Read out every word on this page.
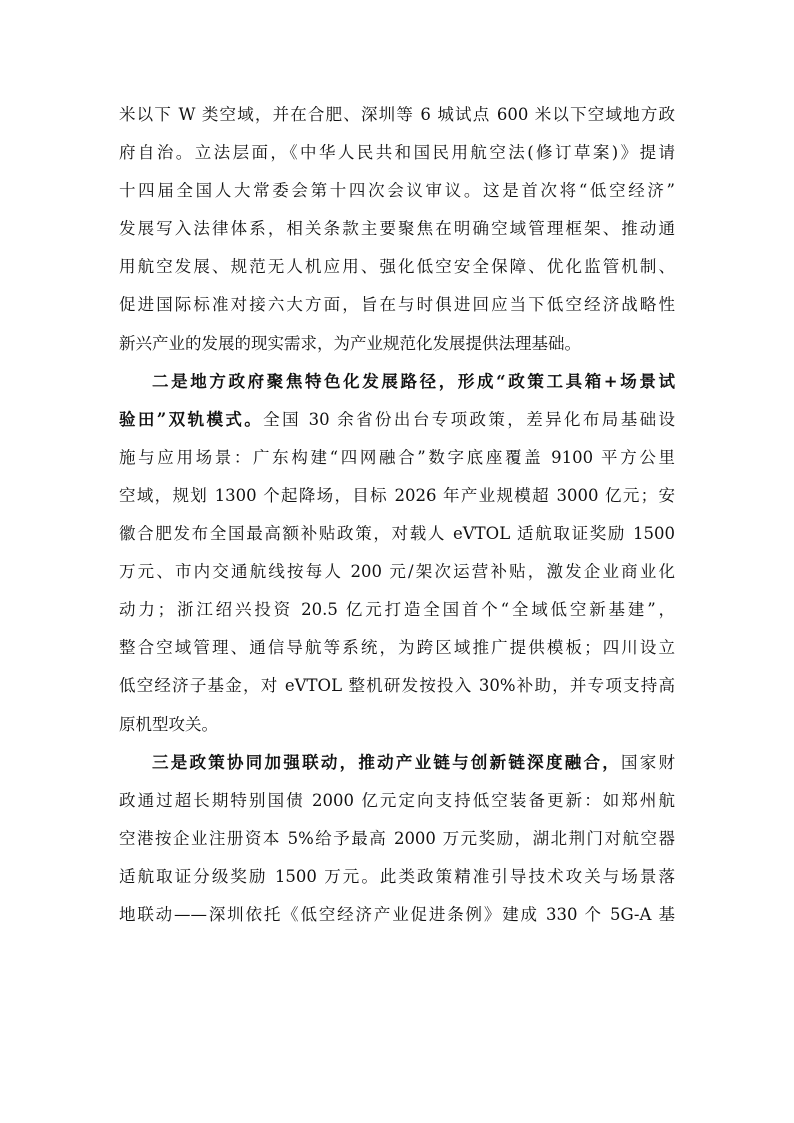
米以下 W 类空域，并在合肥、深圳等 6 城试点 600 米以下空域地方政
府自治。立法层面，《中华人民共和国民用航空法(修订草案)》提请
十四届全国人大常委会第十四次会议审议。这是首次将“低空经济”
发展写入法律体系，相关条款主要聚焦在明确空域管理框架、推动通
用航空发展、规范无人机应用、强化低空安全保障、优化监管机制、
促进国际标准对接六大方面，旨在与时俱进回应当下低空经济战略性
新兴产业的发展的现实需求，为产业规范化发展提供法理基础。
二是地方政府聚焦特色化发展路径，形成“政策工具箱+场景试
验田”双轨模式。全国 30 余省份出台专项政策，差异化布局基础设
施与应用场景：广东构建“四网融合”数字底座覆盖 9100 平方公里
空域，规划 1300 个起降场，目标 2026 年产业规模超 3000 亿元；安
徽合肥发布全国最高额补贴政策，对载人 eVTOL 适航取证奖励 1500
万元、市内交通航线按每人 200 元/架次运营补贴，激发企业商业化
动力；浙江绍兴投资 20.5 亿元打造全国首个“全域低空新基建”，
整合空域管理、通信导航等系统，为跨区域推广提供模板；四川设立
低空经济子基金，对 eVTOL 整机研发按投入 30%补助，并专项支持高
原机型攻关。
三是政策协同加强联动，推动产业链与创新链深度融合，国家财
政通过超长期特别国债 2000 亿元定向支持低空装备更新：如郑州航
空港按企业注册资本 5%给予最高 2000 万元奖励，湖北荆门对航空器
适航取证分级奖励 1500 万元。此类政策精准引导技术攻关与场景落
地联动——深圳依托《低空经济产业促进条例》建成 330 个 5G-A 基
